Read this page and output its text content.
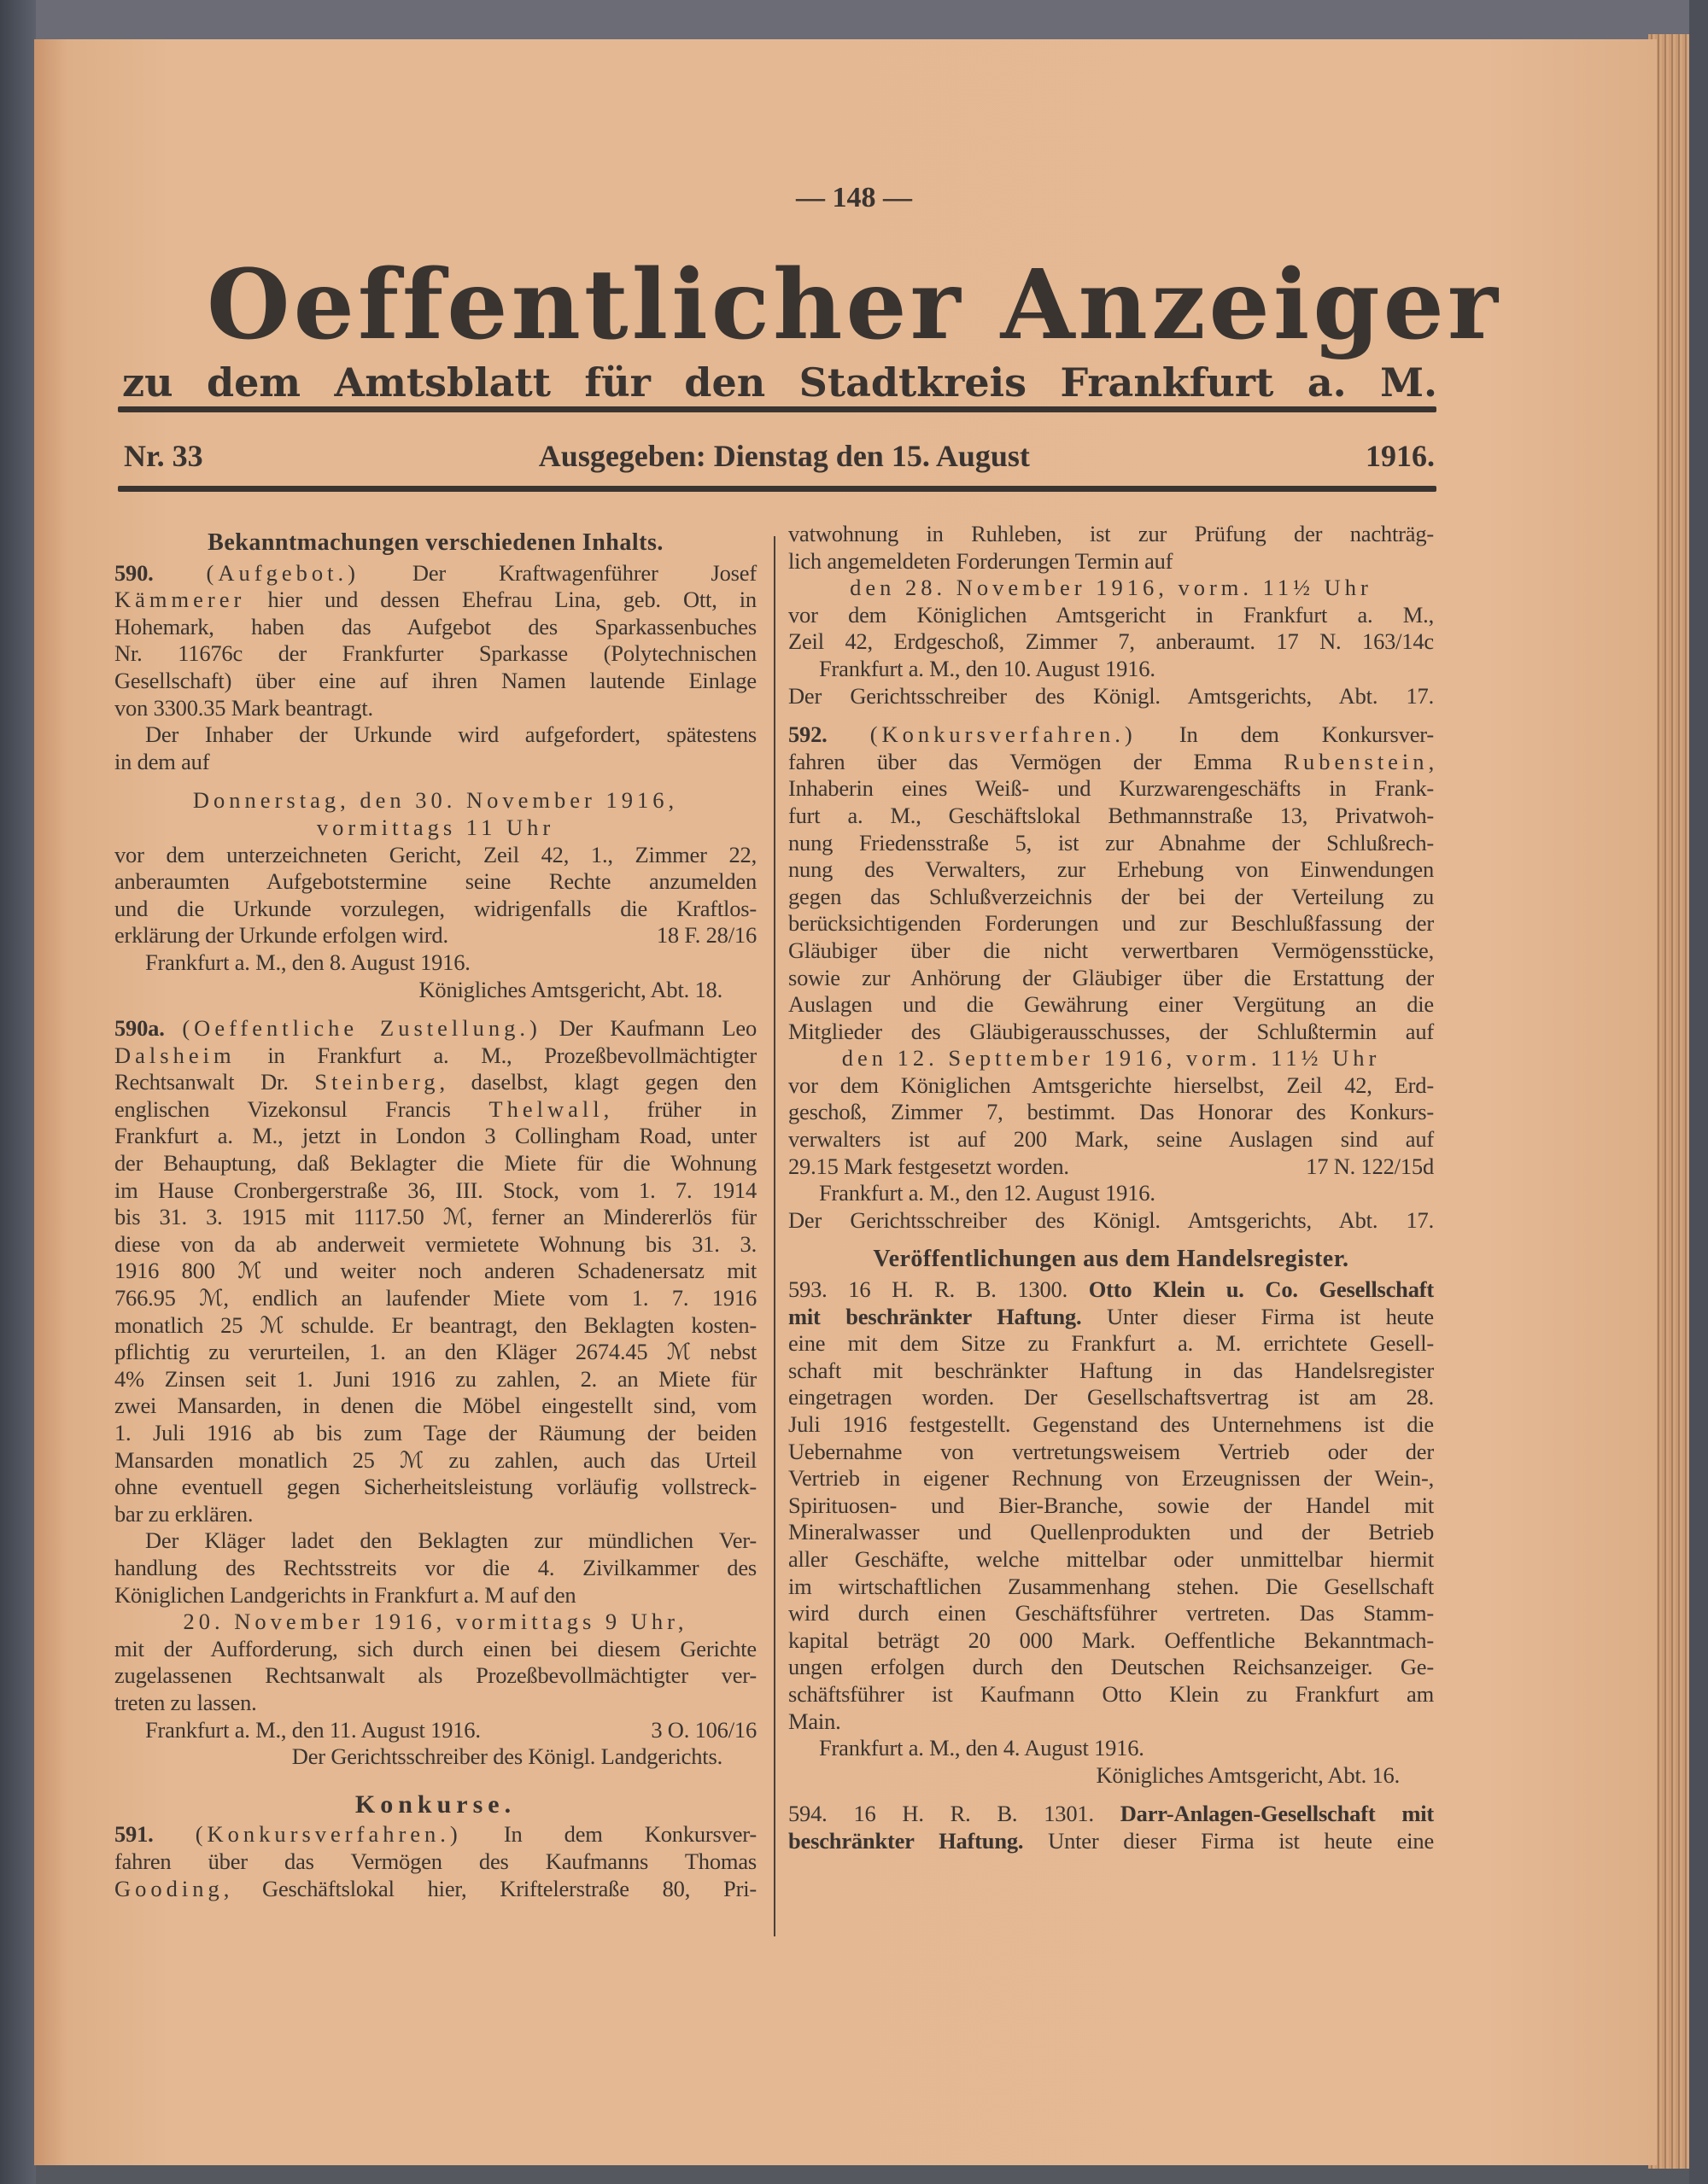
— 148 —
Oeffentlicher Anzeiger
zu dem Amtsblatt für den Stadtkreis Frankfurt a. M.
Nr. 33	Ausgegeben: Dienstag den 15. August	1916.
Bekanntmachungen verschiedenen Inhalts.
590. (Aufgebot.) Der Kraftwagenführer Josef
Kämmerer hier und dessen Ehefrau Lina, geb. Ott, in
Hohemark, haben das Aufgebot des Sparkassenbuches
Nr. 11676c der Frankfurter Sparkasse (Polytechnischen
Gesellschaft) über eine auf ihren Namen lautende Einlage
von 3300.35 Mark beantragt.
Der Inhaber der Urkunde wird aufgefordert, spätestens
in dem auf
Donnerstag, den 30. November 1916,
vormittags 11 Uhr
vor dem unterzeichneten Gericht, Zeil 42, 1., Zimmer 22,
anberaumten Aufgebotstermine seine Rechte anzumelden
und die Urkunde vorzulegen, widrigenfalls die Kraftlos-
erklärung der Urkunde erfolgen wird.	18 F. 28/16
Frankfurt a. M., den 8. August 1916.
Königliches Amtsgericht, Abt. 18.
590a. (Oeffentliche Zustellung.) Der Kaufmann Leo
Dalsheim in Frankfurt a. M., Prozeßbevollmächtigter
Rechtsanwalt Dr. Steinberg, daselbst, klagt gegen den
englischen Vizekonsul Francis Thelwall, früher in
Frankfurt a. M., jetzt in London 3 Collingham Road, unter
der Behauptung, daß Beklagter die Miete für die Wohnung
im Hause Cronbergerstraße 36, III. Stock, vom 1. 7. 1914
bis 31. 3. 1915 mit 1117.50 ℳ, ferner an Mindererlös für
diese von da ab anderweit vermietete Wohnung bis 31. 3.
1916 800 ℳ und weiter noch anderen Schadenersatz mit
766.95 ℳ, endlich an laufender Miete vom 1. 7. 1916
monatlich 25 ℳ schulde. Er beantragt, den Beklagten kosten-
pflichtig zu verurteilen, 1. an den Kläger 2674.45 ℳ nebst
4% Zinsen seit 1. Juni 1916 zu zahlen, 2. an Miete für
zwei Mansarden, in denen die Möbel eingestellt sind, vom
1. Juli 1916 ab bis zum Tage der Räumung der beiden
Mansarden monatlich 25 ℳ zu zahlen, auch das Urteil
ohne eventuell gegen Sicherheitsleistung vorläufig vollstreck-
bar zu erklären.
Der Kläger ladet den Beklagten zur mündlichen Ver-
handlung des Rechtsstreits vor die 4. Zivilkammer des
Königlichen Landgerichts in Frankfurt a. M auf den
20. November 1916, vormittags 9 Uhr,
mit der Aufforderung, sich durch einen bei diesem Gerichte
zugelassenen Rechtsanwalt als Prozeßbevollmächtigter ver-
treten zu lassen.
Frankfurt a. M., den 11. August 1916.	3 O. 106/16
Der Gerichtsschreiber des Königl. Landgerichts.
Konkurse.
591. (Konkursverfahren.) In dem Konkursver-
fahren über das Vermögen des Kaufmanns Thomas
Gooding, Geschäftslokal hier, Kriftelerstraße 80, Pri-
vatwohnung in Ruhleben, ist zur Prüfung der nachträg-
lich angemeldeten Forderungen Termin auf
den 28. November 1916, vorm. 11½ Uhr
vor dem Königlichen Amtsgericht in Frankfurt a. M.,
Zeil 42, Erdgeschoß, Zimmer 7, anberaumt. 17 N. 163/14c
Frankfurt a. M., den 10. August 1916.
Der Gerichtsschreiber des Königl. Amtsgerichts, Abt. 17.
592. (Konkursverfahren.) In dem Konkursver-
fahren über das Vermögen der Emma Rubenstein,
Inhaberin eines Weiß- und Kurzwarengeschäfts in Frank-
furt a. M., Geschäftslokal Bethmannstraße 13, Privatwoh-
nung Friedensstraße 5, ist zur Abnahme der Schlußrech-
nung des Verwalters, zur Erhebung von Einwendungen
gegen das Schlußverzeichnis der bei der Verteilung zu
berücksichtigenden Forderungen und zur Beschlußfassung der
Gläubiger über die nicht verwertbaren Vermögensstücke,
sowie zur Anhörung der Gläubiger über die Erstattung der
Auslagen und die Gewährung einer Vergütung an die
Mitglieder des Gläubigerausschusses, der Schlußtermin auf
den 12. Septtember 1916, vorm. 11½ Uhr
vor dem Königlichen Amtsgerichte hierselbst, Zeil 42, Erd-
geschoß, Zimmer 7, bestimmt. Das Honorar des Konkurs-
verwalters ist auf 200 Mark, seine Auslagen sind auf
29.15 Mark festgesetzt worden.	17 N. 122/15d
Frankfurt a. M., den 12. August 1916.
Der Gerichtsschreiber des Königl. Amtsgerichts, Abt. 17.
Veröffentlichungen aus dem Handelsregister.
593. 16 H. R. B. 1300. Otto Klein u. Co. Gesellschaft
mit beschränkter Haftung. Unter dieser Firma ist heute
eine mit dem Sitze zu Frankfurt a. M. errichtete Gesell-
schaft mit beschränkter Haftung in das Handelsregister
eingetragen worden. Der Gesellschaftsvertrag ist am 28.
Juli 1916 festgestellt. Gegenstand des Unternehmens ist die
Uebernahme von vertretungsweisem Vertrieb oder der
Vertrieb in eigener Rechnung von Erzeugnissen der Wein-,
Spirituosen- und Bier-Branche, sowie der Handel mit
Mineralwasser und Quellenprodukten und der Betrieb
aller Geschäfte, welche mittelbar oder unmittelbar hiermit
im wirtschaftlichen Zusammenhang stehen. Die Gesellschaft
wird durch einen Geschäftsführer vertreten. Das Stamm-
kapital beträgt 20 000 Mark. Oeffentliche Bekanntmach-
ungen erfolgen durch den Deutschen Reichsanzeiger. Ge-
schäftsführer ist Kaufmann Otto Klein zu Frankfurt am
Main.
Frankfurt a. M., den 4. August 1916.
Königliches Amtsgericht, Abt. 16.
594. 16 H. R. B. 1301. Darr-Anlagen-Gesellschaft mit
beschränkter Haftung. Unter dieser Firma ist heute eine
